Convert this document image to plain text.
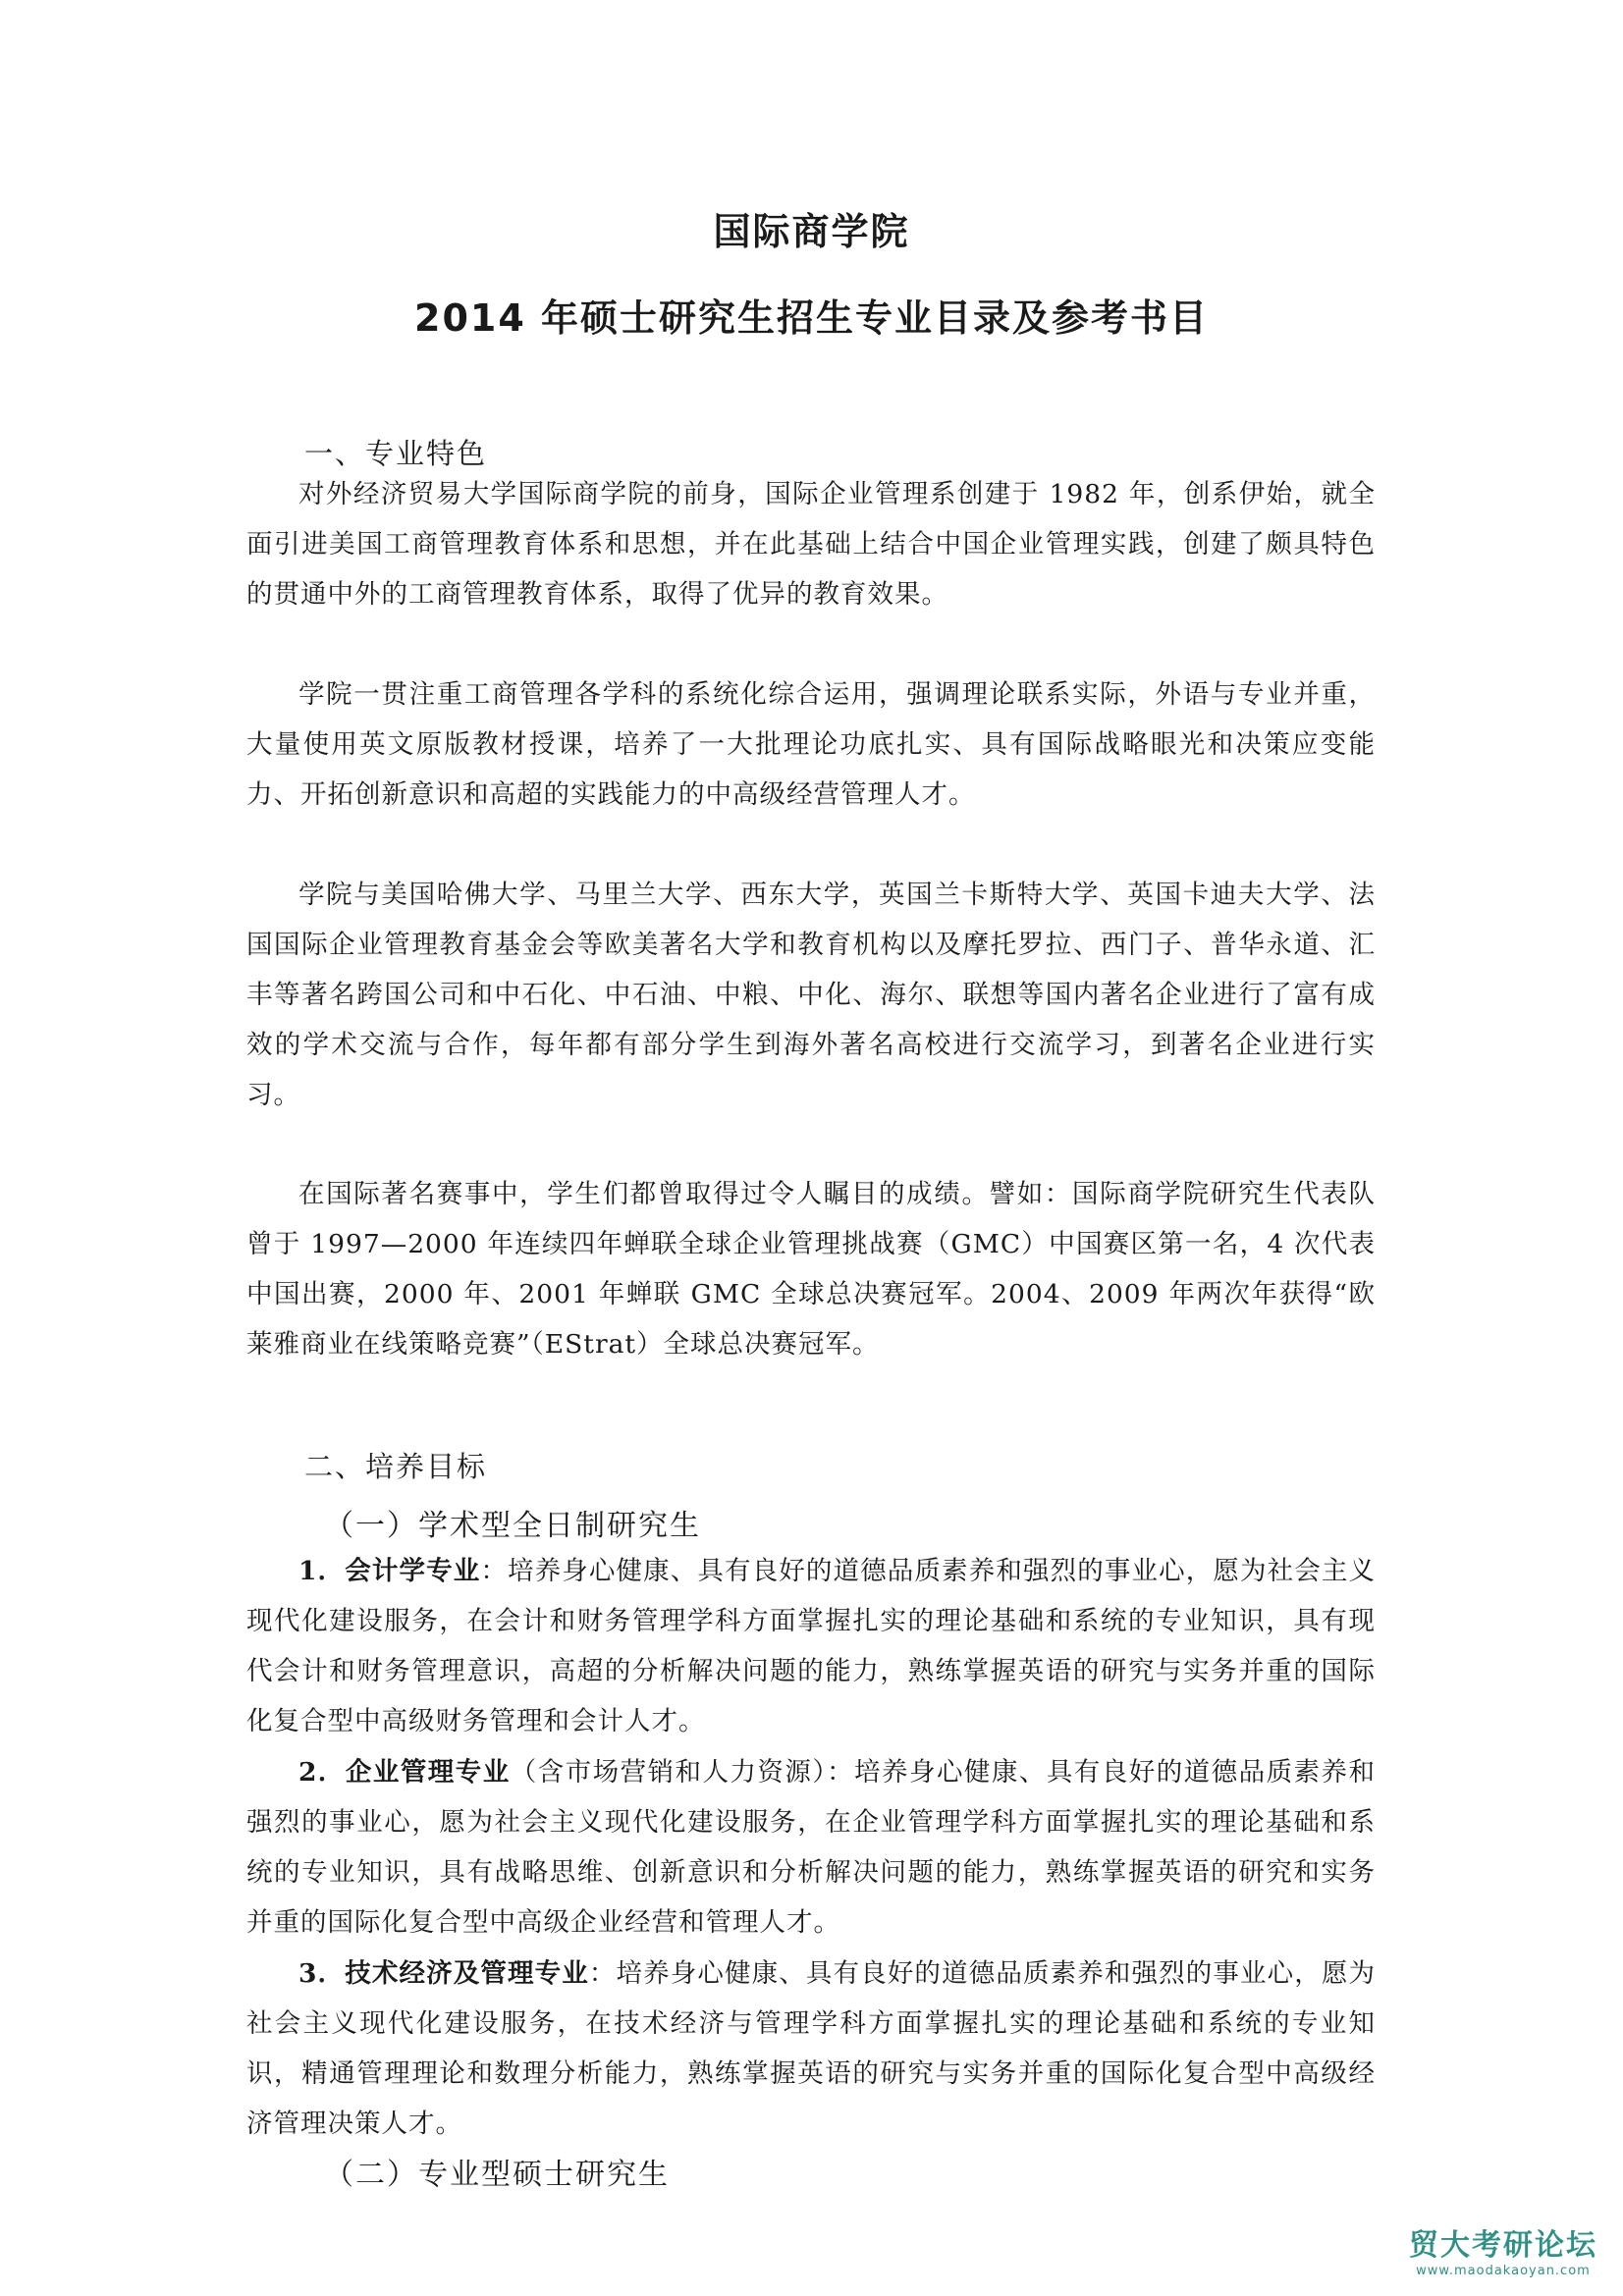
国际商学院
2014 年硕士研究生招生专业目录及参考书目
一、专业特色

对外经济贸易大学国际商学院的前身，国际企业管理系创建于 1982 年，创系伊始，就全面引进美国工商管理教育体系和思想，并在此基础上结合中国企业管理实践，创建了颇具特色的贯通中外的工商管理教育体系，取得了优异的教育效果。

学院一贯注重工商管理各学科的系统化综合运用，强调理论联系实际，外语与专业并重，大量使用英文原版教材授课，培养了一大批理论功底扎实、具有国际战略眼光和决策应变能力、开拓创新意识和高超的实践能力的中高级经营管理人才。

学院与美国哈佛大学、马里兰大学、西东大学，英国兰卡斯特大学、英国卡迪夫大学、法国国际企业管理教育基金会等欧美著名大学和教育机构以及摩托罗拉、西门子、普华永道、汇丰等著名跨国公司和中石化、中石油、中粮、中化、海尔、联想等国内著名企业进行了富有成效的学术交流与合作，每年都有部分学生到海外著名高校进行交流学习，到著名企业进行实习。

在国际著名赛事中，学生们都曾取得过令人瞩目的成绩。譬如：国际商学院研究生代表队曾于 1997—2000 年连续四年蝉联全球企业管理挑战赛（GMC）中国赛区第一名，4 次代表中国出赛，2000 年、2001 年蝉联 GMC 全球总决赛冠军。2004、2009 年两次年获得“欧莱雅商业在线策略竞赛”（EStrat）全球总决赛冠军。

二、培养目标
（一）学术型全日制研究生

1．会计学专业：培养身心健康、具有良好的道德品质素养和强烈的事业心，愿为社会主义现代化建设服务，在会计和财务管理学科方面掌握扎实的理论基础和系统的专业知识，具有现代会计和财务管理意识，高超的分析解决问题的能力，熟练掌握英语的研究与实务并重的国际化复合型中高级财务管理和会计人才。

2．企业管理专业（含市场营销和人力资源）：培养身心健康、具有良好的道德品质素养和强烈的事业心，愿为社会主义现代化建设服务，在企业管理学科方面掌握扎实的理论基础和系统的专业知识，具有战略思维、创新意识和分析解决问题的能力，熟练掌握英语的研究和实务并重的国际化复合型中高级企业经营和管理人才。

3．技术经济及管理专业：培养身心健康、具有良好的道德品质素养和强烈的事业心，愿为社会主义现代化建设服务，在技术经济与管理学科方面掌握扎实的理论基础和系统的专业知识，精通管理理论和数理分析能力，熟练掌握英语的研究与实务并重的国际化复合型中高级经济管理决策人才。

（二）专业型硕士研究生
贸大考研论坛
www.maodakaoyan.com
